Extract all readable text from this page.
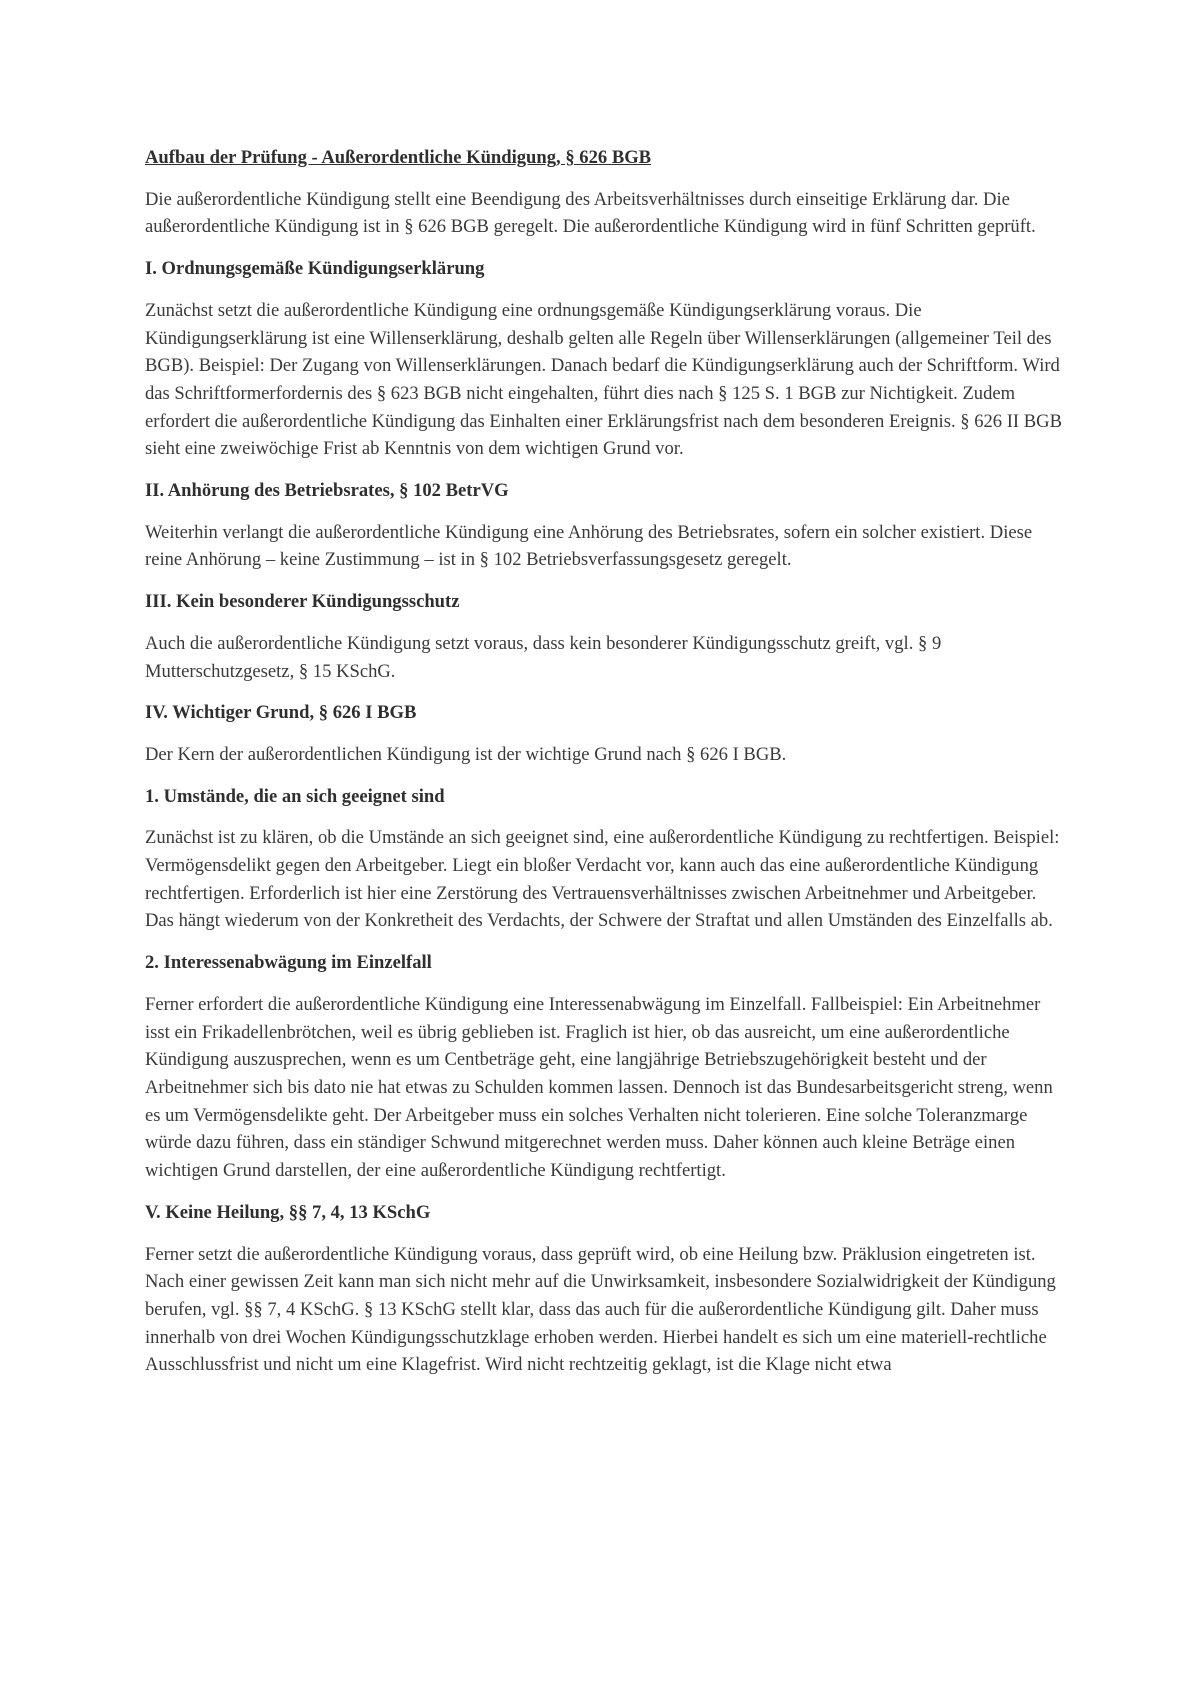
Aufbau der Prüfung - Außerordentliche Kündigung, § 626 BGB

Die außerordentliche Kündigung stellt eine Beendigung des Arbeitsverhältnisses durch einseitige Erklärung dar. Die außerordentliche Kündigung ist in § 626 BGB geregelt. Die außerordentliche Kündigung wird in fünf Schritten geprüft.

I. Ordnungsgemäße Kündigungserklärung

Zunächst setzt die außerordentliche Kündigung eine ordnungsgemäße Kündigungserklärung voraus. Die Kündigungserklärung ist eine Willenserklärung, deshalb gelten alle Regeln über Willenserklärungen (allgemeiner Teil des BGB). Beispiel: Der Zugang von Willenserklärungen. Danach bedarf die Kündigungserklärung auch der Schriftform. Wird das Schriftformerfordernis des § 623 BGB nicht eingehalten, führt dies nach § 125 S. 1 BGB zur Nichtigkeit. Zudem erfordert die außerordentliche Kündigung das Einhalten einer Erklärungsfrist nach dem besonderen Ereignis. § 626 II BGB sieht eine zweiwöchige Frist ab Kenntnis von dem wichtigen Grund vor.

II. Anhörung des Betriebsrates, § 102 BetrVG

Weiterhin verlangt die außerordentliche Kündigung eine Anhörung des Betriebsrates, sofern ein solcher existiert. Diese reine Anhörung – keine Zustimmung – ist in § 102 Betriebsverfassungsgesetz geregelt.

III. Kein besonderer Kündigungsschutz

Auch die außerordentliche Kündigung setzt voraus, dass kein besonderer Kündigungsschutz greift, vgl. § 9 Mutterschutzgesetz, § 15 KSchG.

IV. Wichtiger Grund, § 626 I BGB

Der Kern der außerordentlichen Kündigung ist der wichtige Grund nach § 626 I BGB.

1. Umstände, die an sich geeignet sind

Zunächst ist zu klären, ob die Umstände an sich geeignet sind, eine außerordentliche Kündigung zu rechtfertigen. Beispiel: Vermögensdelikt gegen den Arbeitgeber. Liegt ein bloßer Verdacht vor, kann auch das eine außerordentliche Kündigung rechtfertigen. Erforderlich ist hier eine Zerstörung des Vertrauensverhältnisses zwischen Arbeitnehmer und Arbeitgeber. Das hängt wiederum von der Konkretheit des Verdachts, der Schwere der Straftat und allen Umständen des Einzelfalls ab.

2. Interessenabwägung im Einzelfall

Ferner erfordert die außerordentliche Kündigung eine Interessenabwägung im Einzelfall. Fallbeispiel: Ein Arbeitnehmer isst ein Frikadellenbrötchen, weil es übrig geblieben ist. Fraglich ist hier, ob das ausreicht, um eine außerordentliche Kündigung auszusprechen, wenn es um Centbeträge geht, eine langjährige Betriebszugehörigkeit besteht und der Arbeitnehmer sich bis dato nie hat etwas zu Schulden kommen lassen. Dennoch ist das Bundesarbeitsgericht streng, wenn es um Vermögensdelikte geht. Der Arbeitgeber muss ein solches Verhalten nicht tolerieren. Eine solche Toleranzmarge würde dazu führen, dass ein ständiger Schwund mitgerechnet werden muss. Daher können auch kleine Beträge einen wichtigen Grund darstellen, der eine außerordentliche Kündigung rechtfertigt.

V. Keine Heilung, §§ 7, 4, 13 KSchG

Ferner setzt die außerordentliche Kündigung voraus, dass geprüft wird, ob eine Heilung bzw. Präklusion eingetreten ist. Nach einer gewissen Zeit kann man sich nicht mehr auf die Unwirksamkeit, insbesondere Sozialwidrigkeit der Kündigung berufen, vgl. §§ 7, 4 KSchG. § 13 KSchG stellt klar, dass das auch für die außerordentliche Kündigung gilt. Daher muss innerhalb von drei Wochen Kündigungsschutzklage erhoben werden. Hierbei handelt es sich um eine materiell-rechtliche Ausschlussfrist und nicht um eine Klagefrist. Wird nicht rechtzeitig geklagt, ist die Klage nicht etwa
